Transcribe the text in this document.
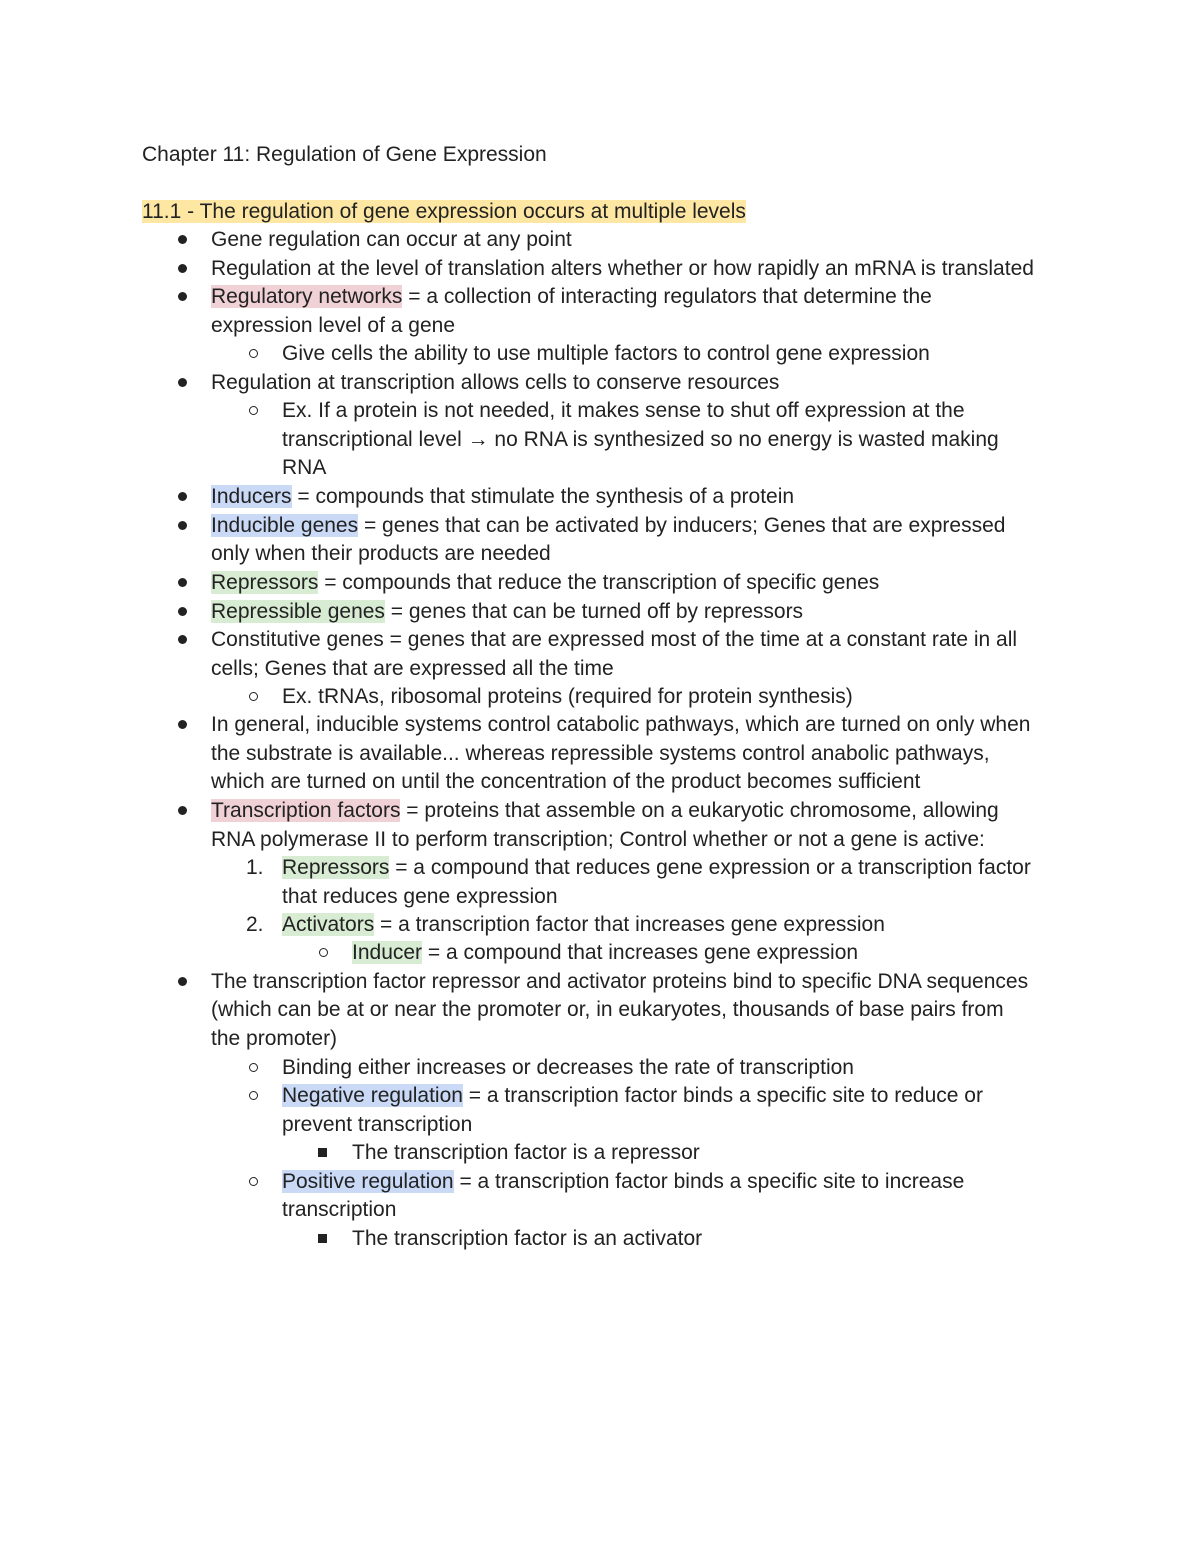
Chapter 11: Regulation of Gene Expression
11.1 - The regulation of gene expression occurs at multiple levels
Gene regulation can occur at any point
Regulation at the level of translation alters whether or how rapidly an mRNA is translated
Regulatory networks = a collection of interacting regulators that determine the
expression level of a gene
Give cells the ability to use multiple factors to control gene expression
Regulation at transcription allows cells to conserve resources
Ex. If a protein is not needed, it makes sense to shut off expression at the
transcriptional level → no RNA is synthesized so no energy is wasted making
RNA
Inducers = compounds that stimulate the synthesis of a protein
Inducible genes = genes that can be activated by inducers; Genes that are expressed
only when their products are needed
Repressors = compounds that reduce the transcription of specific genes
Repressible genes = genes that can be turned off by repressors
Constitutive genes = genes that are expressed most of the time at a constant rate in all
cells; Genes that are expressed all the time
Ex. tRNAs, ribosomal proteins (required for protein synthesis)
In general, inducible systems control catabolic pathways, which are turned on only when
the substrate is available... whereas repressible systems control anabolic pathways,
which are turned on until the concentration of the product becomes sufficient
Transcription factors = proteins that assemble on a eukaryotic chromosome, allowing
RNA polymerase II to perform transcription; Control whether or not a gene is active:
1. Repressors = a compound that reduces gene expression or a transcription factor
that reduces gene expression
2. Activators = a transcription factor that increases gene expression
Inducer = a compound that increases gene expression
The transcription factor repressor and activator proteins bind to specific DNA sequences
(which can be at or near the promoter or, in eukaryotes, thousands of base pairs from
the promoter)
Binding either increases or decreases the rate of transcription
Negative regulation = a transcription factor binds a specific site to reduce or
prevent transcription
The transcription factor is a repressor
Positive regulation = a transcription factor binds a specific site to increase
transcription
The transcription factor is an activator
